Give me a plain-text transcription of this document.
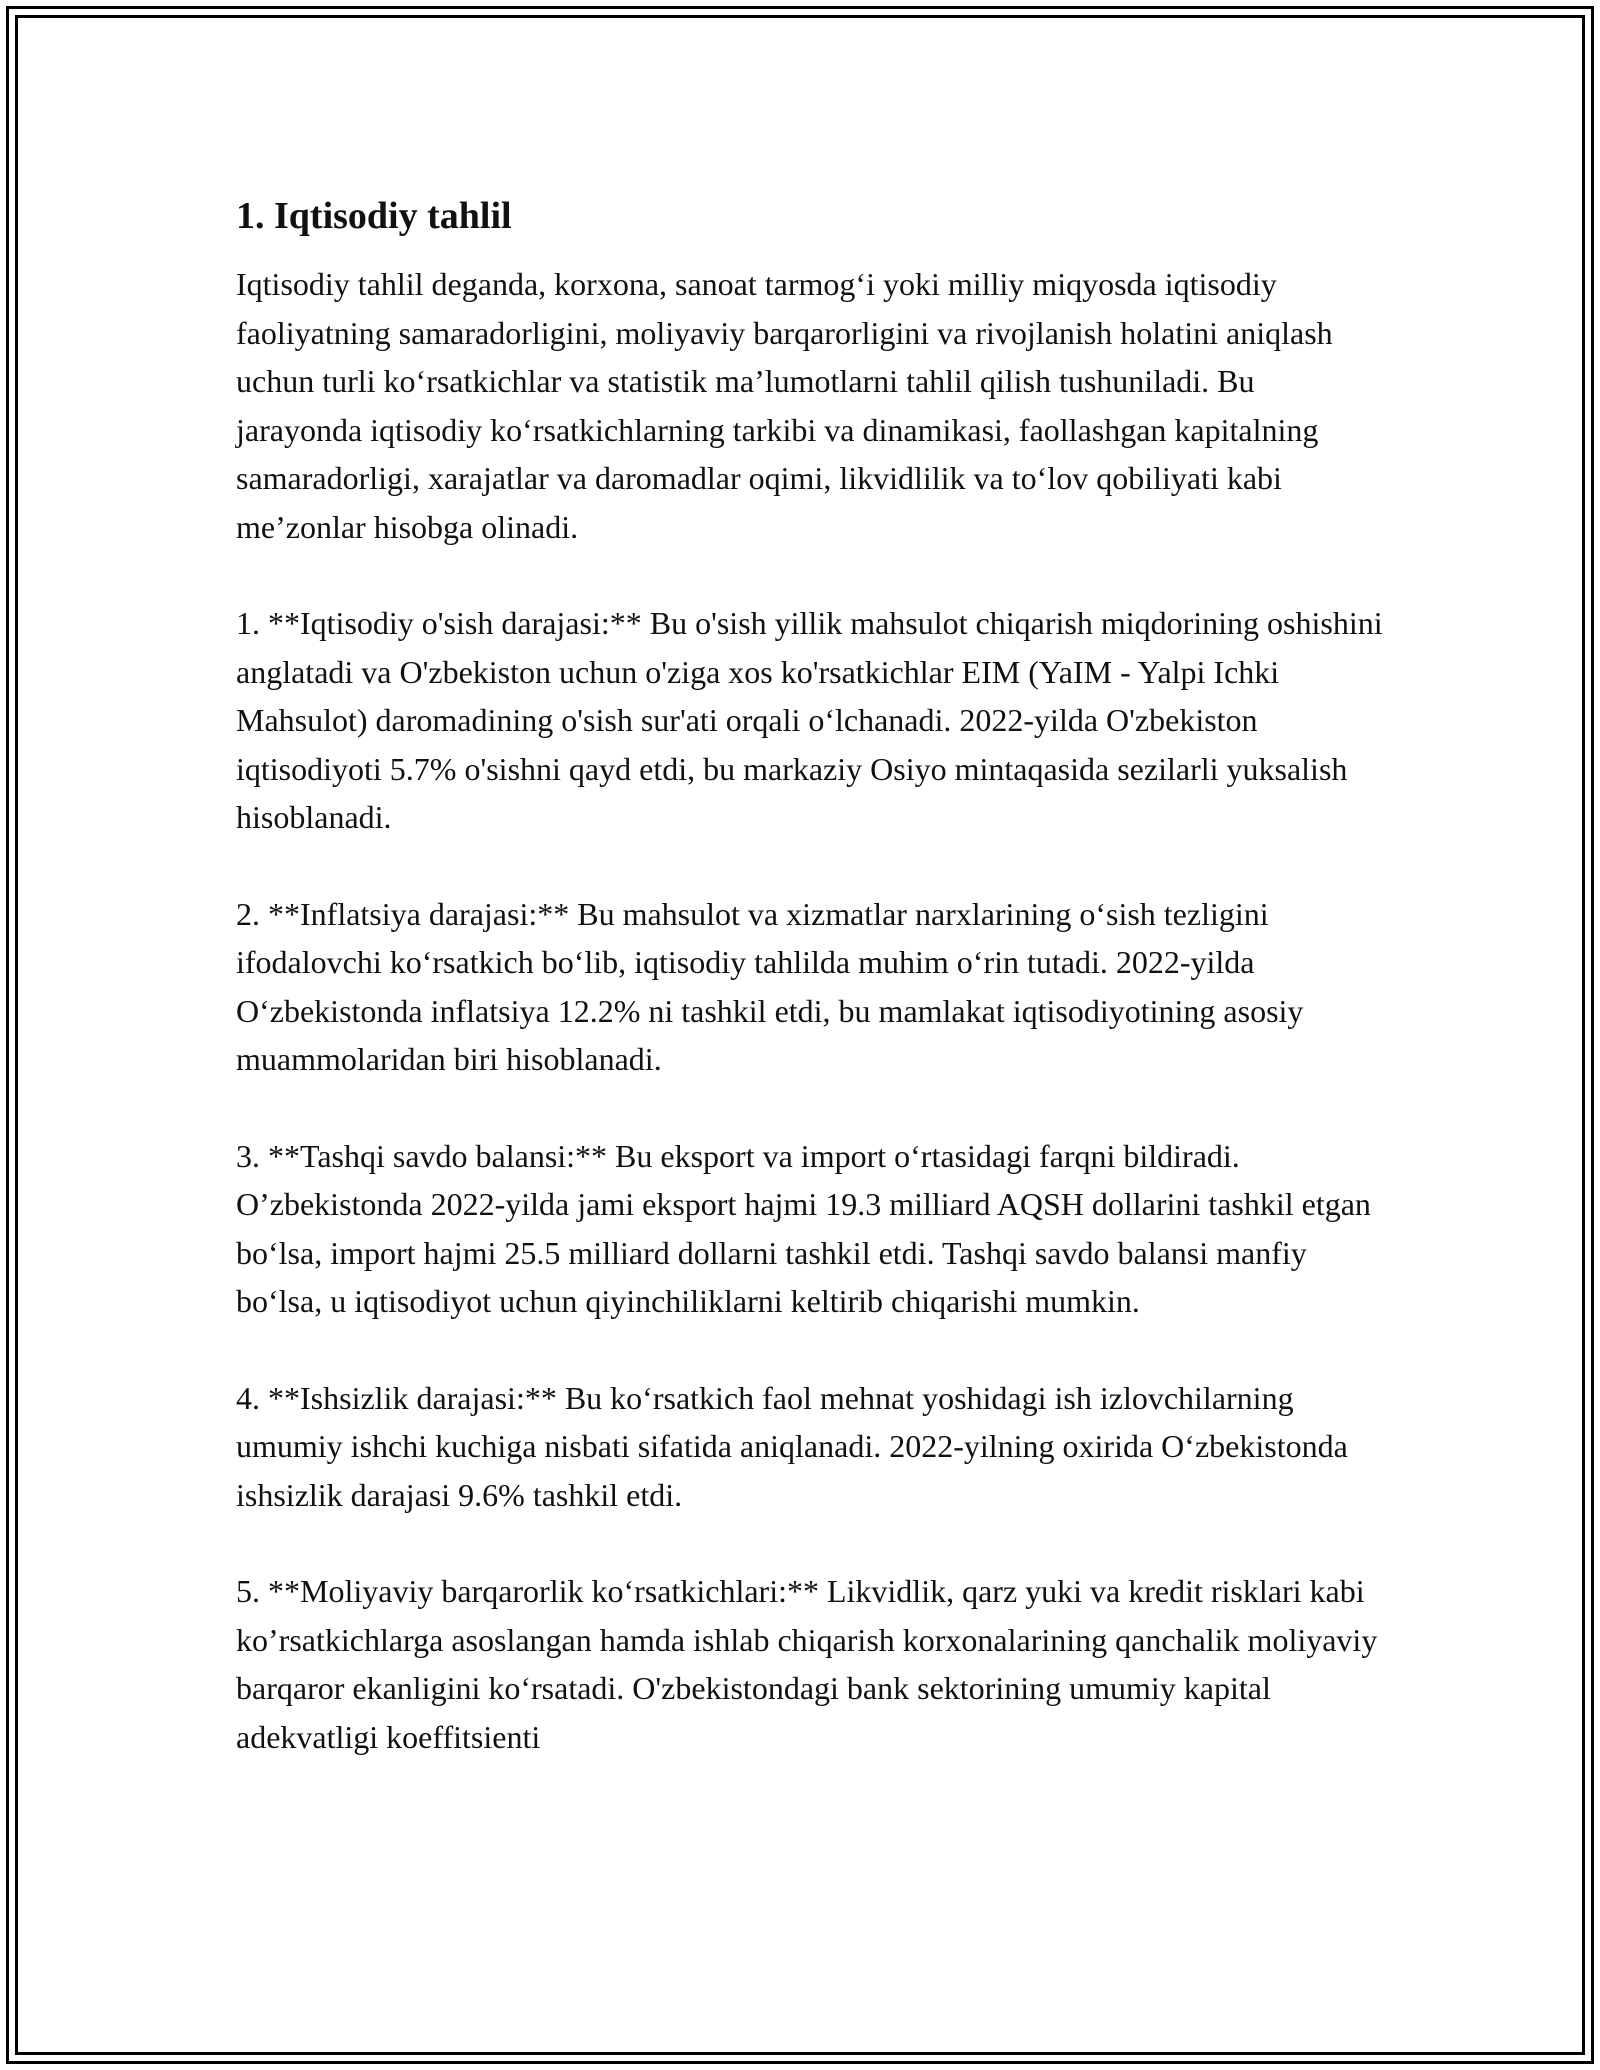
1. Iqtisodiy tahlil

Iqtisodiy tahlil deganda, korxona, sanoat tarmog‘i yoki milliy miqyosda iqtisodiy faoliyatning samaradorligini, moliyaviy barqarorligini va rivojlanish holatini aniqlash uchun turli ko‘rsatkichlar va statistik ma’lumotlarni tahlil qilish tushuniladi. Bu jarayonda iqtisodiy ko‘rsatkichlarning tarkibi va dinamikasi, faollashgan kapitalning samaradorligi, xarajatlar va daromadlar oqimi, likvidlilik va to‘lov qobiliyati kabi me’zonlar hisobga olinadi.

1. **Iqtisodiy o'sish darajasi:** Bu o'sish yillik mahsulot chiqarish miqdorining oshishini anglatadi va O'zbekiston uchun o'ziga xos ko'rsatkichlar EIM (YaIM - Yalpi Ichki Mahsulot) daromadining o'sish sur'ati orqali o‘lchanadi. 2022-yilda O'zbekiston iqtisodiyoti 5.7% o'sishni qayd etdi, bu markaziy Osiyo mintaqasida sezilarli yuksalish hisoblanadi.

2. **Inflatsiya darajasi:** Bu mahsulot va xizmatlar narxlarining o‘sish tezligini ifodalovchi ko‘rsatkich bo‘lib, iqtisodiy tahlilda muhim o‘rin tutadi. 2022-yilda O‘zbekistonda inflatsiya 12.2% ni tashkil etdi, bu mamlakat iqtisodiyotining asosiy muammolaridan biri hisoblanadi.

3. **Tashqi savdo balansi:** Bu eksport va import o‘rtasidagi farqni bildiradi. O’zbekistonda 2022-yilda jami eksport hajmi 19.3 milliard AQSH dollarini tashkil etgan bo‘lsa, import hajmi 25.5 milliard dollarni tashkil etdi. Tashqi savdo balansi manfiy bo‘lsa, u iqtisodiyot uchun qiyinchiliklarni keltirib chiqarishi mumkin.

4. **Ishsizlik darajasi:** Bu ko‘rsatkich faol mehnat yoshidagi ish izlovchilarning umumiy ishchi kuchiga nisbati sifatida aniqlanadi. 2022-yilning oxirida O‘zbekistonda ishsizlik darajasi 9.6% tashkil etdi.

5. **Moliyaviy barqarorlik ko‘rsatkichlari:** Likvidlik, qarz yuki va kredit risklari kabi ko’rsatkichlarga asoslangan hamda ishlab chiqarish korxonalarining qanchalik moliyaviy barqaror ekanligini ko‘rsatadi. O'zbekistondagi bank sektorining umumiy kapital adekvatligi koeffitsienti
